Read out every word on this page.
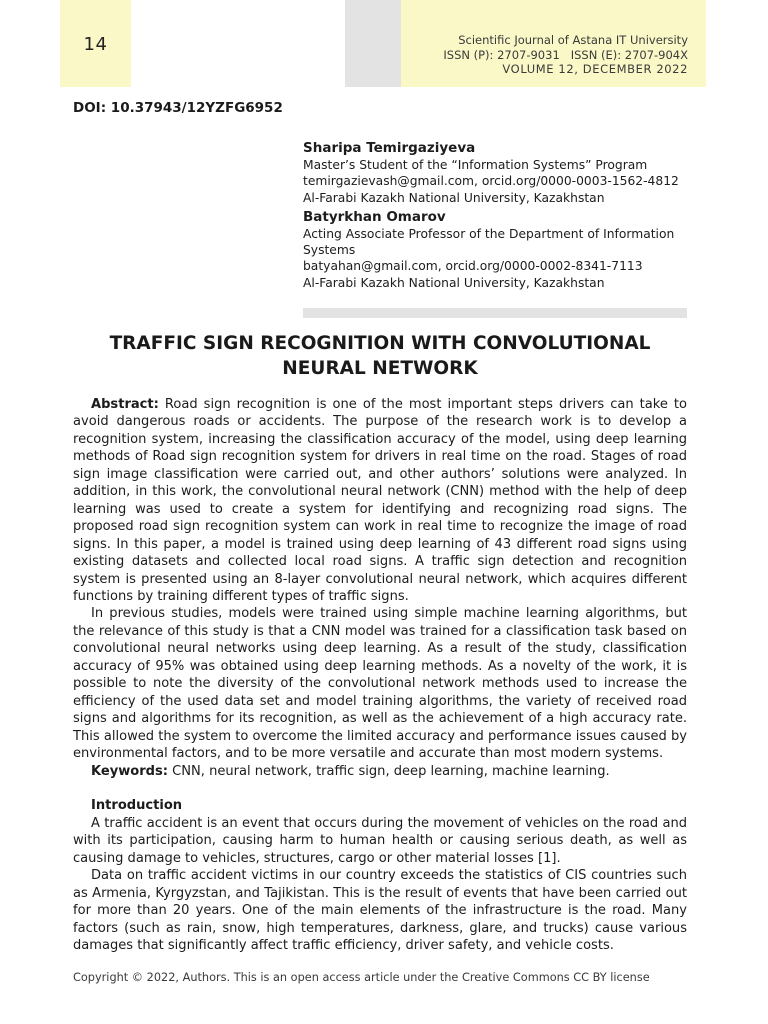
14	Scientific Journal of Astana IT University
ISSN (P): 2707-9031   ISSN (E): 2707-904X
VOLUME 12, DECEMBER 2022
DOI: 10.37943/12YZFG6952
Sharipa Temirgaziyeva
Master’s Student of the “Information Systems” Program
temirgazievash@gmail.com, orcid.org/0000-0003-1562-4812
Al-Farabi Kazakh National University, Kazakhstan
Batyrkhan Omarov
Acting Associate Professor of the Department of Information Systems
batyahan@gmail.com, orcid.org/0000-0002-8341-7113
Al-Farabi Kazakh National University, Kazakhstan
TRAFFIC SIGN RECOGNITION WITH CONVOLUTIONAL
NEURAL NETWORK

Abstract: Road sign recognition is one of the most important steps drivers can take to avoid dangerous roads or accidents. The purpose of the research work is to develop a recognition system, increasing the classification accuracy of the model, using deep learning methods of Road sign recognition system for drivers in real time on the road. Stages of road sign image classification were carried out, and other authors’ solutions were analyzed. In addition, in this work, the convolutional neural network (CNN) method with the help of deep learning was used to create a system for identifying and recognizing road signs. The proposed road sign recognition system can work in real time to recognize the image of road signs. In this paper, a model is trained using deep learning of 43 different road signs using existing datasets and collected local road signs. A traffic sign detection and recognition system is presented using an 8-layer convolutional neural network, which acquires different functions by training different types of traffic signs.

In previous studies, models were trained using simple machine learning algorithms, but the relevance of this study is that a CNN model was trained for a classification task based on convolutional neural networks using deep learning. As a result of the study, classification accuracy of 95% was obtained using deep learning methods. As a novelty of the work, it is possible to note the diversity of the convolutional network methods used to increase the efficiency of the used data set and model training algorithms, the variety of received road signs and algorithms for its recognition, as well as the achievement of a high accuracy rate. This allowed the system to overcome the limited accuracy and performance issues caused by environmental factors, and to be more versatile and accurate than most modern systems.

Keywords: CNN, neural network, traffic sign, deep learning, machine learning.

Introduction

A traffic accident is an event that occurs during the movement of vehicles on the road and with its participation, causing harm to human health or causing serious death, as well as causing damage to vehicles, structures, cargo or other material losses [1].

Data on traffic accident victims in our country exceeds the statistics of CIS countries such as Armenia, Kyrgyzstan, and Tajikistan. This is the result of events that have been carried out for more than 20 years. One of the main elements of the infrastructure is the road. Many factors (such as rain, snow, high temperatures, darkness, glare, and trucks) cause various damages that significantly affect traffic efficiency, driver safety, and vehicle costs.

Copyright © 2022, Authors. This is an open access article under the Creative Commons CC BY license
